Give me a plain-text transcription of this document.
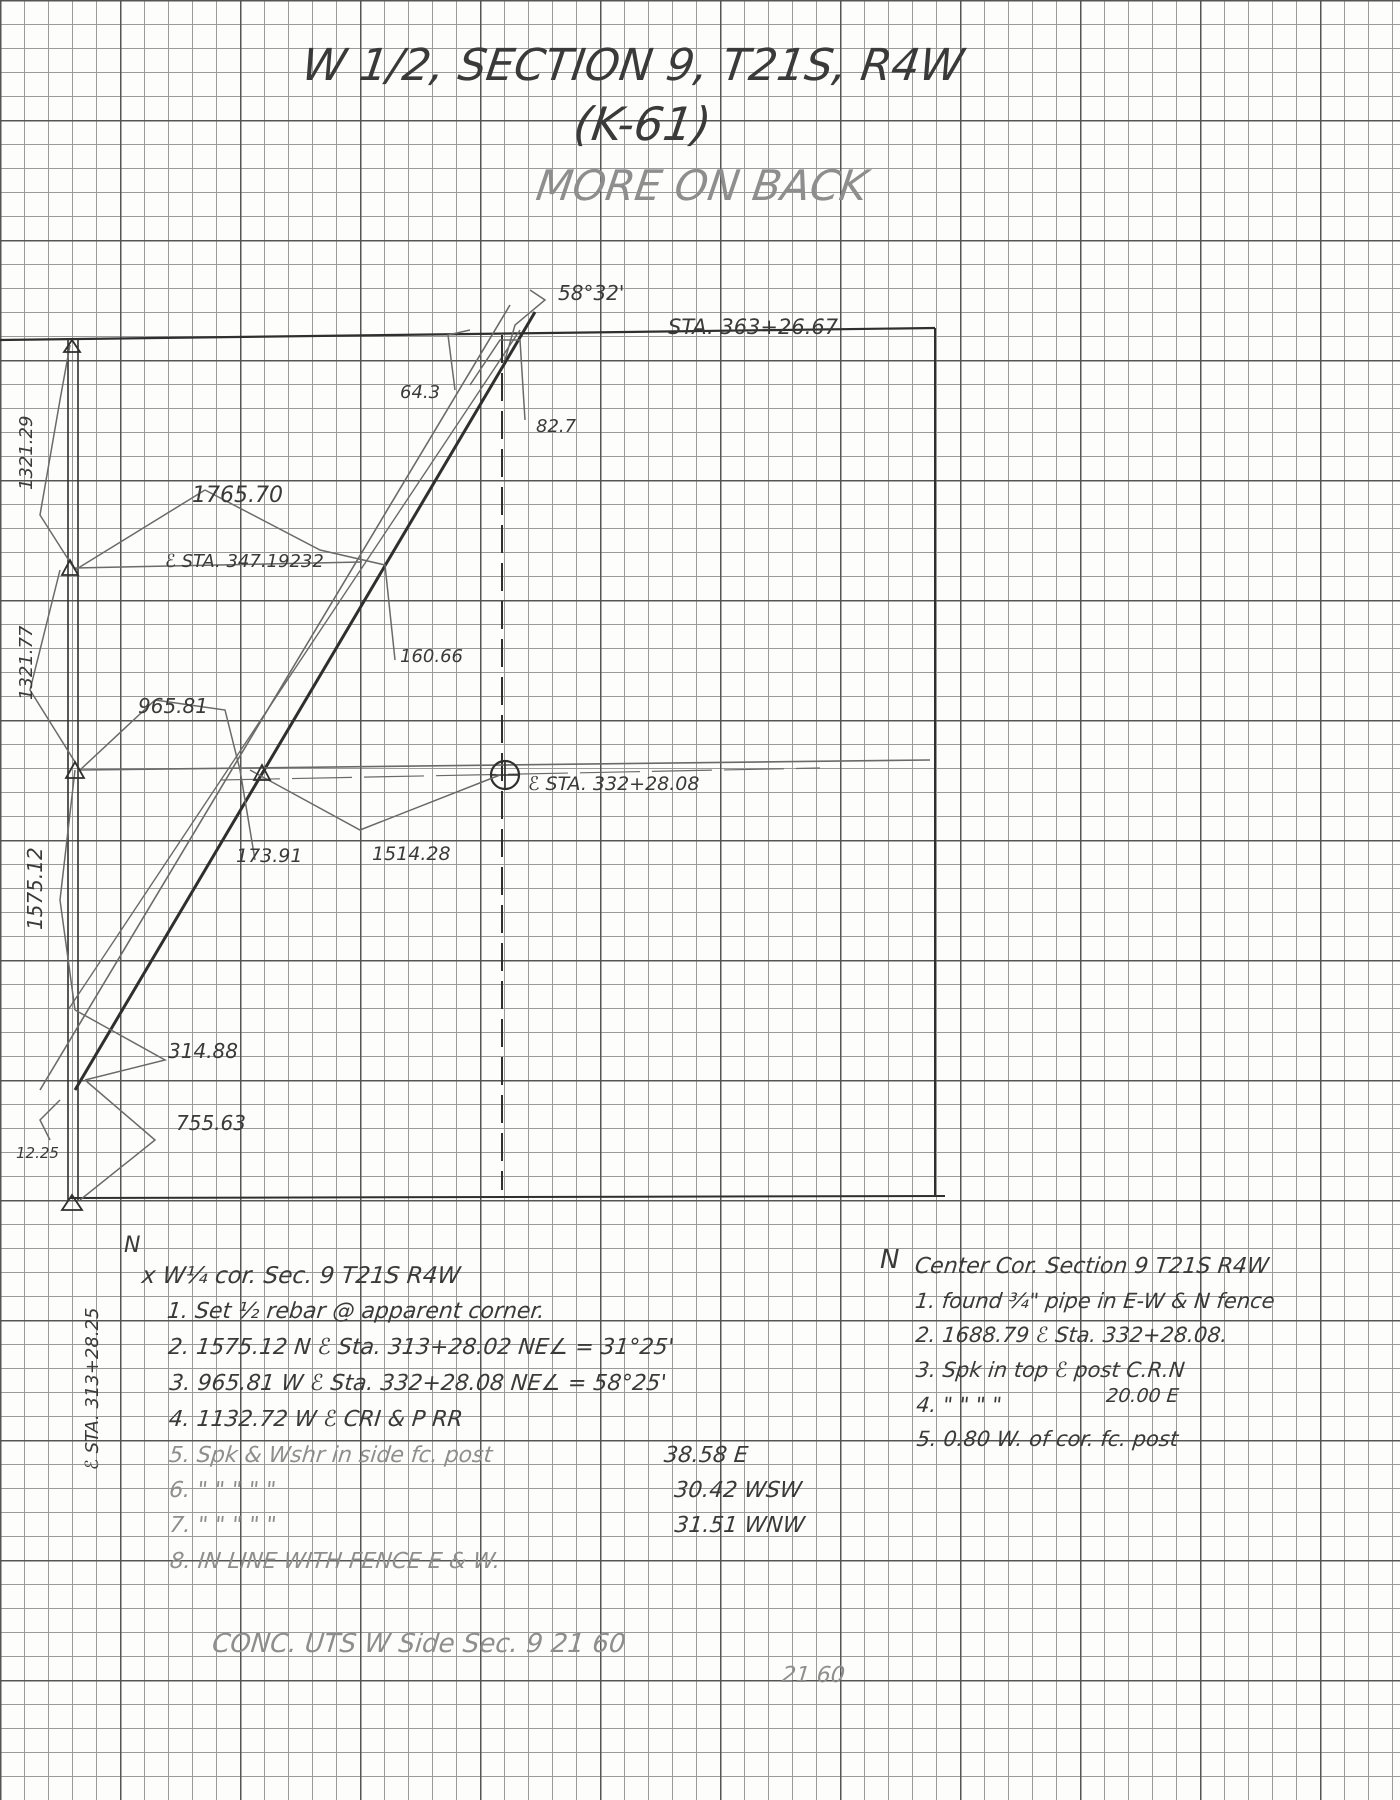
W 1/2, SECTION 9, T21S, R4W
(K-61)
MORE ON BACK
58°32'
STA. 363+26.67
64.3
82.7
1765.70
ℰ STA. 347.19232
160.66
965.81
ℰ STA. 332+28.08
173.91	1514.28
314.88
755.63
12.25
1321.29
1321.77
1575.12
ℰ STA. 313+28.25
N	N
x W¼ cor. Sec. 9 T21S R4W
1. Set ½ rebar @ apparent corner.
2. 1575.12 N ℰ Sta. 313+28.02 NE∠ = 31°25'
3. 965.81 W ℰ Sta. 332+28.08 NE∠ = 58°25'
4. 1132.72 W ℰ CRI & P RR
5. Spk & Wshr in side fc. post
6. " " " " "
7. " " " " "
8. IN LINE WITH FENCE E & W.
38.58 E
30.42 WSW
31.51 WNW
Center Cor. Section 9 T21S R4W
1. found ¾" pipe in E-W & N fence
2. 1688.79 ℰ Sta. 332+28.08.
3. Spk in top ℰ post C.R.N
4. " " " "
5. 0.80 W. of cor. fc. post
20.00 E
CONC. UTS W Side Sec. 9 21 60
21 60
